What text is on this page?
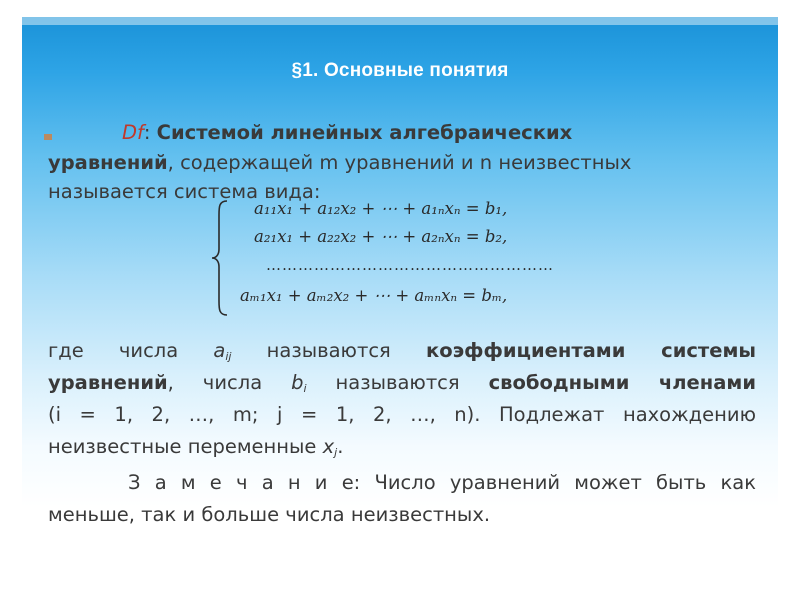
§1. Основные понятия
Df: Системой линейных алгебраических
уравнений, содержащей m уравнений и n неизвестных
называется система вида:
a₁₁x₁ + a₁₂x₂ + ⋯ + a₁ₙxₙ = b₁,
a₂₁x₁ + a₂₂x₂ + ⋯ + a₂ₙxₙ = b₂,
………………………………………………
aₘ₁x₁ + aₘ₂x₂ + ⋯ + aₘₙxₙ = bₘ,
где числа $a_{ij}$ называются коэффициентами системы
уравнений, числа $b_i$ называются свободными членами
(i = 1, 2, …, m; j = 1, 2, …, n). Подлежат нахождению
неизвестные переменные $x_j$.
З а м е ч а н и е: Число уравнений может быть как
меньше, так и больше числа неизвестных.
